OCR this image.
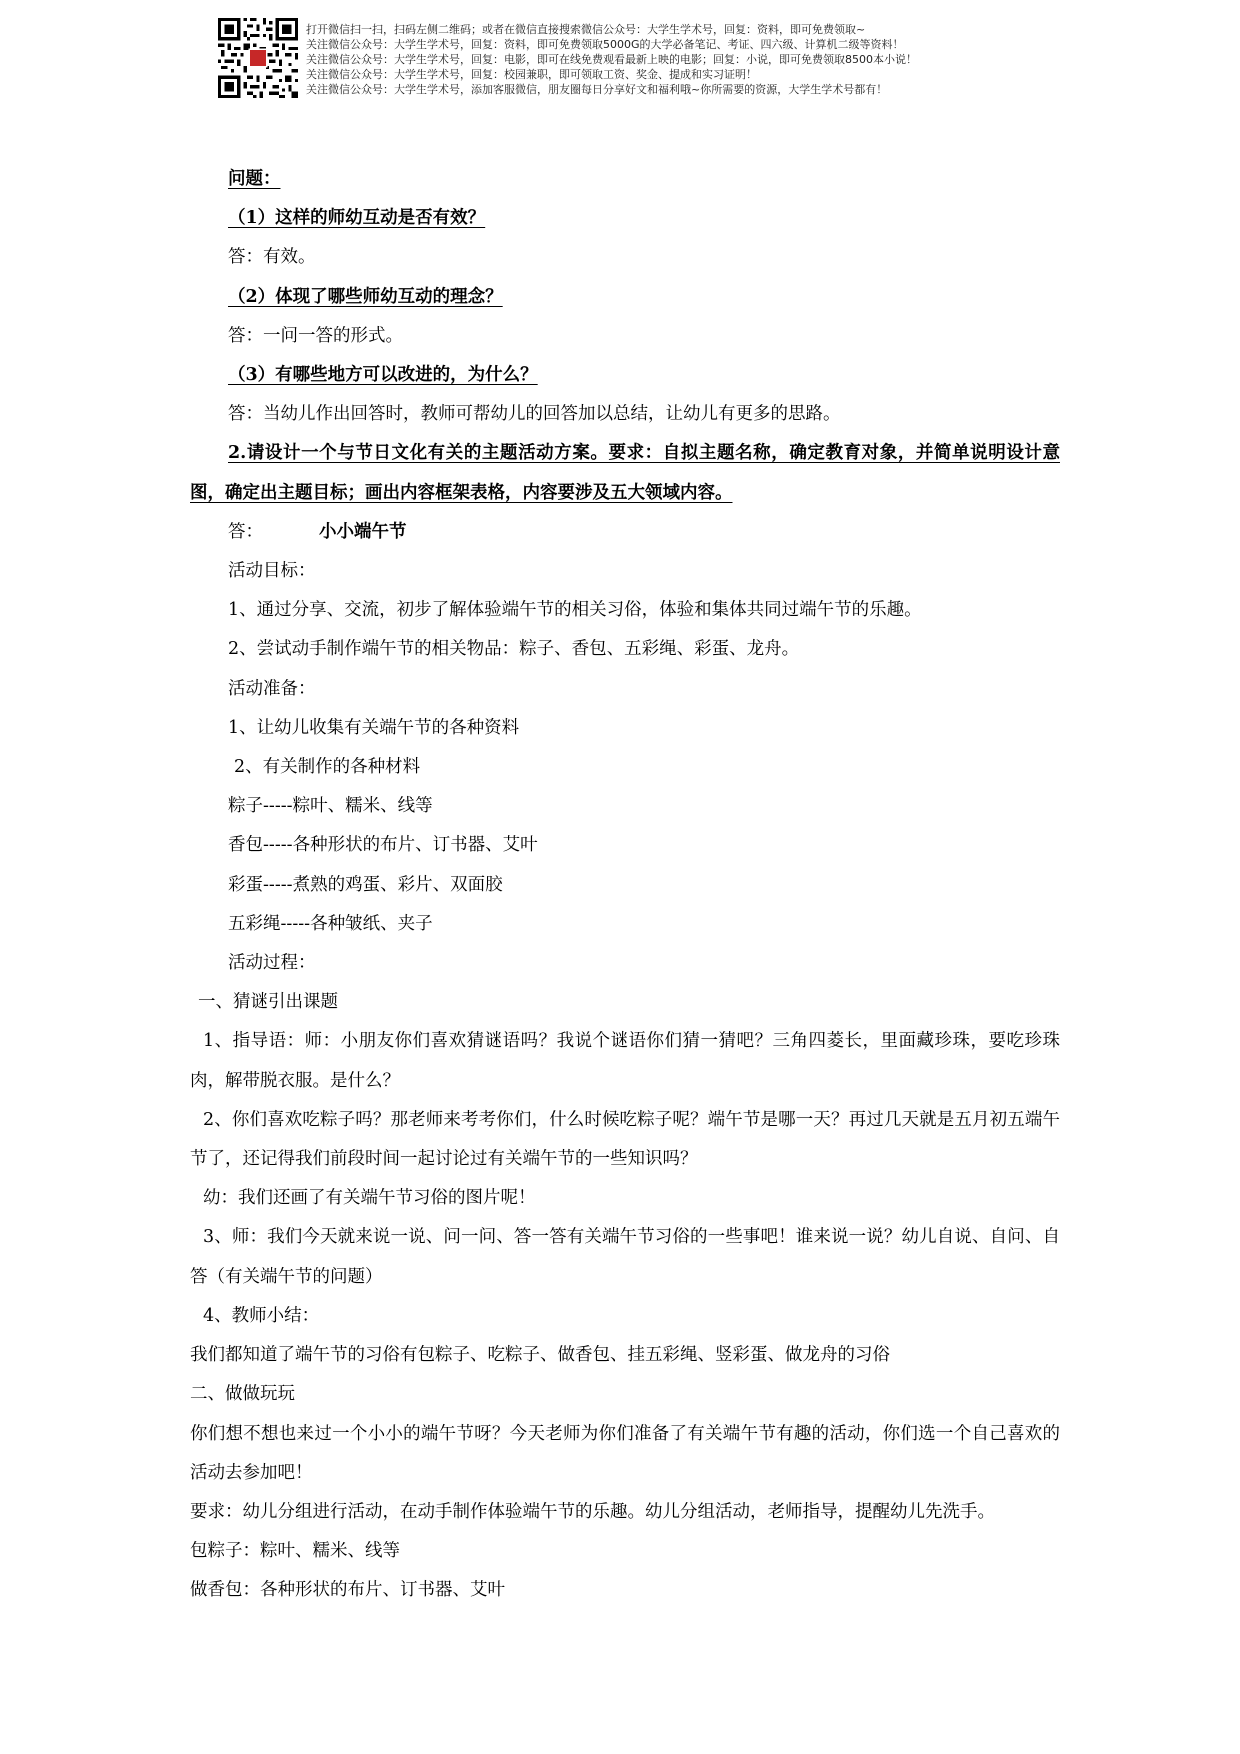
打开微信扫一扫，扫码左侧二维码；或者在微信直接搜索微信公众号：大学生学术号，回复：资料，即可免费领取~
关注微信公众号：大学生学术号，回复：资料，即可免费领取5000G的大学必备笔记、考证、四六级、计算机二级等资料！
关注微信公众号：大学生学术号，回复：电影，即可在线免费观看最新上映的电影；回复：小说，即可免费领取8500本小说！
关注微信公众号：大学生学术号，回复：校园兼职，即可领取工资、奖金、提成和实习证明！
关注微信公众号：大学生学术号，添加客服微信，朋友圈每日分享好文和福利哦~你所需要的资源，大学生学术号都有！

问题：

（1）这样的师幼互动是否有效？

答：有效。

（2）体现了哪些师幼互动的理念？

答：一问一答的形式。

（3）有哪些地方可以改进的，为什么？

答：当幼儿作出回答时，教师可帮幼儿的回答加以总结，让幼儿有更多的思路。

2.请设计一个与节日文化有关的主题活动方案。要求：自拟主题名称，确定教育对象，并简单说明设计意图，确定出主题目标；画出内容框架表格，内容要涉及五大领域内容。

答：	小小端午节

活动目标：

1、通过分享、交流，初步了解体验端午节的相关习俗，体验和集体共同过端午节的乐趣。

2、尝试动手制作端午节的相关物品：粽子、香包、五彩绳、彩蛋、龙舟。

活动准备：

1、让幼儿收集有关端午节的各种资料

2、有关制作的各种材料

粽子-----粽叶、糯米、线等

香包-----各种形状的布片、订书器、艾叶

彩蛋-----煮熟的鸡蛋、彩片、双面胶

五彩绳-----各种皱纸、夹子

活动过程：

一、猜谜引出课题

1、指导语：师：小朋友你们喜欢猜谜语吗？我说个谜语你们猜一猜吧？三角四菱长，里面藏珍珠，要吃珍珠肉，解带脱衣服。是什么？

2、你们喜欢吃粽子吗？那老师来考考你们，什么时候吃粽子呢？端午节是哪一天？再过几天就是五月初五端午节了，还记得我们前段时间一起讨论过有关端午节的一些知识吗？

幼：我们还画了有关端午节习俗的图片呢！

3、师：我们今天就来说一说、问一问、答一答有关端午节习俗的一些事吧！谁来说一说？幼儿自说、自问、自答（有关端午节的问题）

4、教师小结：

我们都知道了端午节的习俗有包粽子、吃粽子、做香包、挂五彩绳、竖彩蛋、做龙舟的习俗

二、做做玩玩

你们想不想也来过一个小小的端午节呀？今天老师为你们准备了有关端午节有趣的活动，你们选一个自己喜欢的活动去参加吧！

要求：幼儿分组进行活动，在动手制作体验端午节的乐趣。幼儿分组活动，老师指导，提醒幼儿先洗手。

包粽子：粽叶、糯米、线等

做香包：各种形状的布片、订书器、艾叶
